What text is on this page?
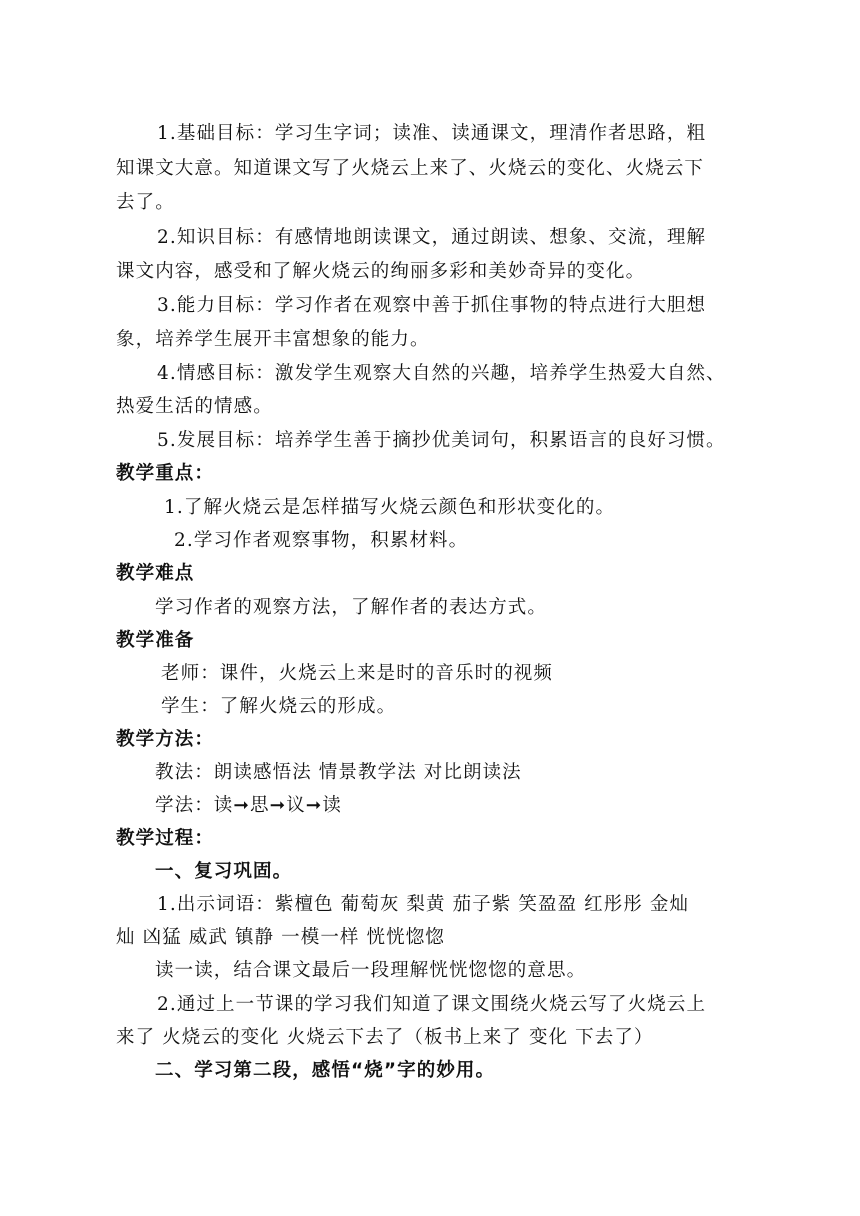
1.基础目标：学习生字词；读准、读通课文，理清作者思路，粗
知课文大意。知道课文写了火烧云上来了、火烧云的变化、火烧云下
去了。
2.知识目标：有感情地朗读课文，通过朗读、想象、交流，理解
课文内容，感受和了解火烧云的绚丽多彩和美妙奇异的变化。
3.能力目标：学习作者在观察中善于抓住事物的特点进行大胆想
象，培养学生展开丰富想象的能力。
4.情感目标：激发学生观察大自然的兴趣，培养学生热爱大自然、
热爱生活的情感。
5.发展目标：培养学生善于摘抄优美词句，积累语言的良好习惯。
教学重点：
1.了解火烧云是怎样描写火烧云颜色和形状变化的。
2.学习作者观察事物，积累材料。
教学难点
学习作者的观察方法，了解作者的表达方式。
教学准备
老师：课件，火烧云上来是时的音乐时的视频
学生：了解火烧云的形成。
教学方法：
教法：朗读感悟法 情景教学法 对比朗读法
学法：读➞思➞议➞读
教学过程：
一、复习巩固。
1.出示词语：紫檀色 葡萄灰 梨黄 茄子紫 笑盈盈 红彤彤 金灿
灿 凶猛 威武 镇静 一模一样 恍恍惚惚
读一读，结合课文最后一段理解恍恍惚惚的意思。
2.通过上一节课的学习我们知道了课文围绕火烧云写了火烧云上
来了 火烧云的变化 火烧云下去了（板书上来了 变化 下去了）
二、学习第二段，感悟“烧”字的妙用。
